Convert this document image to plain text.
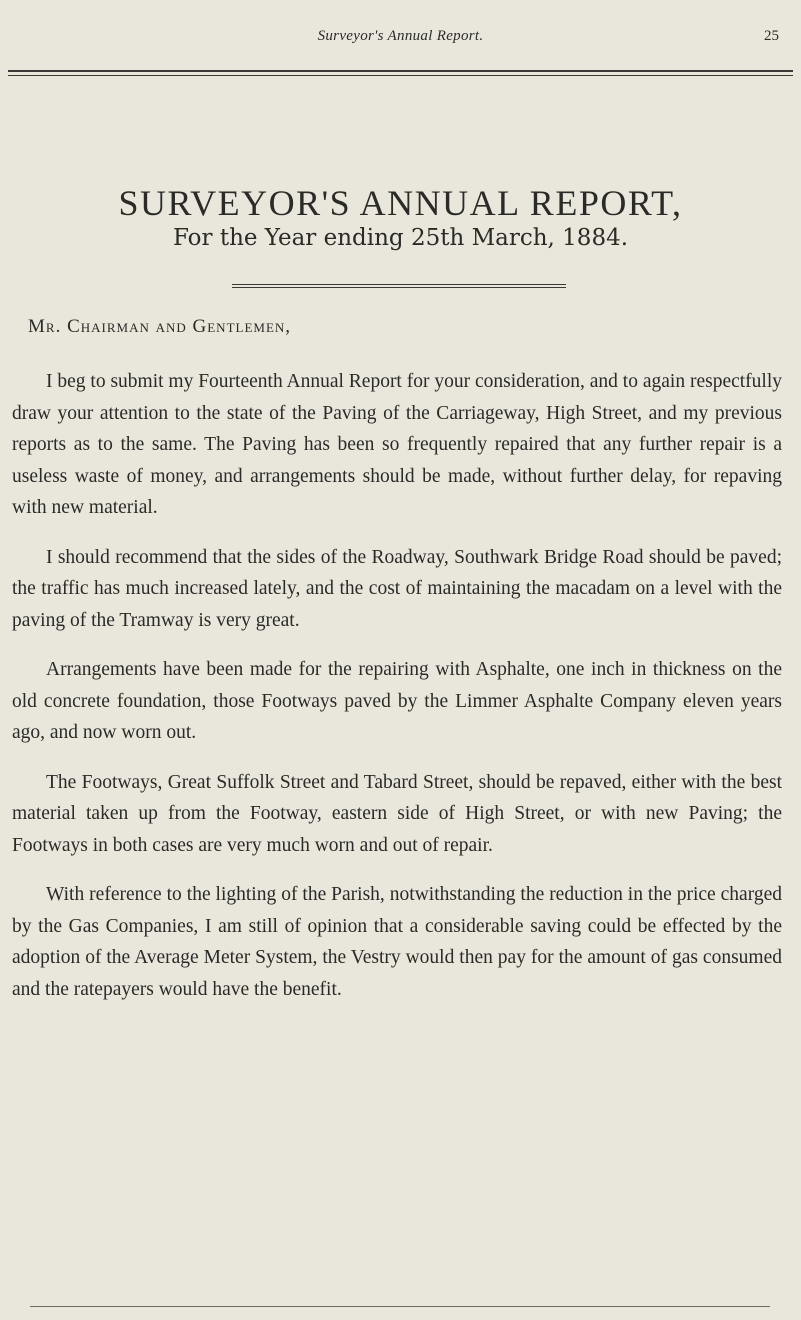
Surveyor's Annual Report.	25
SURVEYOR'S ANNUAL REPORT,
For the Year ending 25th March, 1884.
Mr. Chairman and Gentlemen,

I beg to submit my Fourteenth Annual Report for your consideration, and to again respectfully draw your attention to the state of the Paving of the Carriageway, High Street, and my previous reports as to the same. The Paving has been so frequently repaired that any further repair is a useless waste of money, and arrangements should be made, without further delay, for repaving with new material.

I should recommend that the sides of the Roadway, Southwark Bridge Road should be paved; the traffic has much increased lately, and the cost of maintaining the macadam on a level with the paving of the Tramway is very great.

Arrangements have been made for the repairing with Asphalte, one inch in thickness on the old concrete foundation, those Footways paved by the Limmer Asphalte Company eleven years ago, and now worn out.

The Footways, Great Suffolk Street and Tabard Street, should be repaved, either with the best material taken up from the Footway, eastern side of High Street, or with new Paving; the Footways in both cases are very much worn and out of repair.

With reference to the lighting of the Parish, notwithstanding the reduction in the price charged by the Gas Companies, I am still of opinion that a considerable saving could be effected by the adoption of the Average Meter System, the Vestry would then pay for the amount of gas consumed and the ratepayers would have the benefit.
